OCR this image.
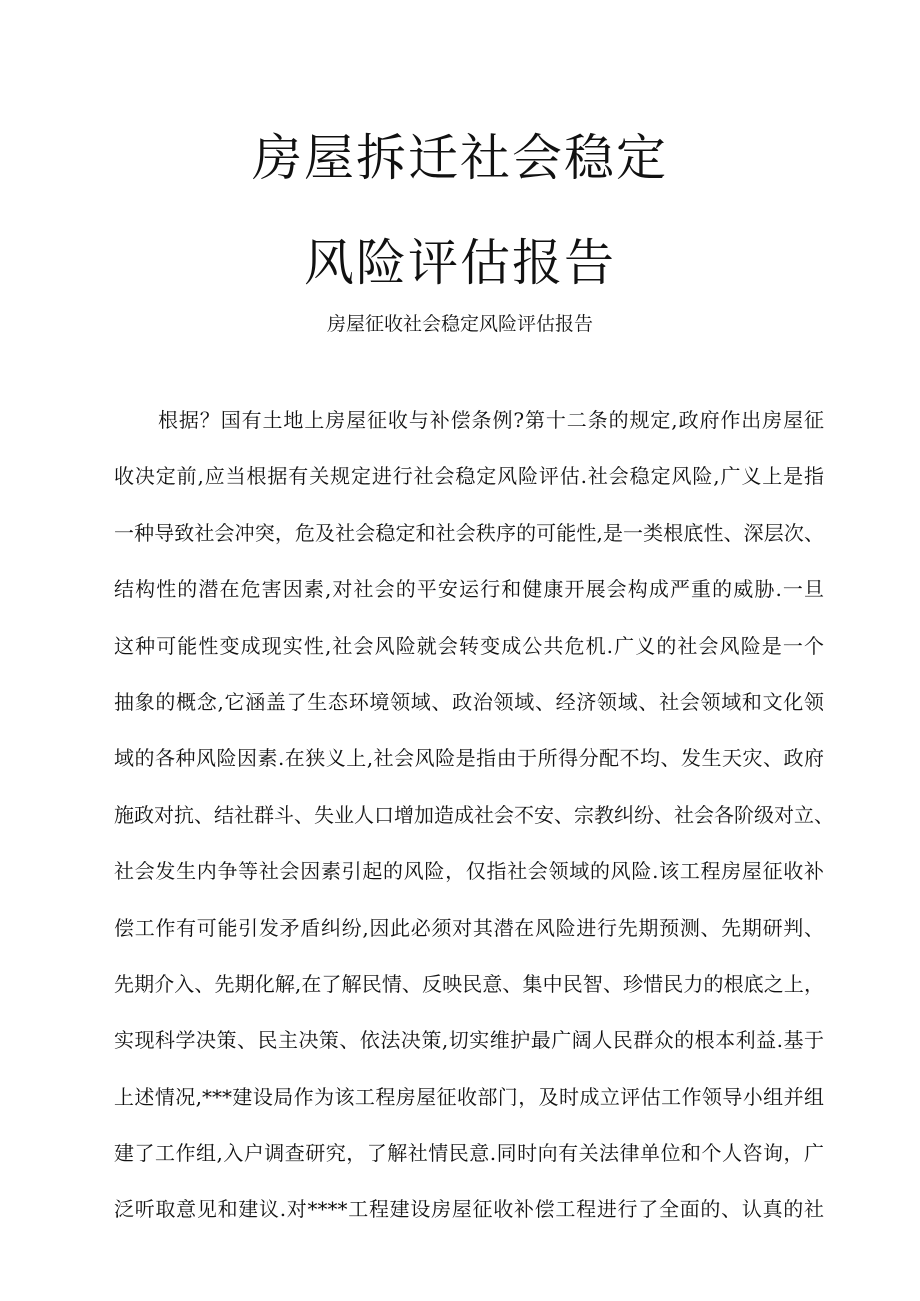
房屋拆迁社会稳定
风险评估报告

房屋征收社会稳定风险评估报告

根据？国有土地上房屋征收与补偿条例?第十二条的规定,政府作出房屋征

收决定前,应当根据有关规定进行社会稳定风险评估.社会稳定风险,广义上是指

一种导致社会冲突，危及社会稳定和社会秩序的可能性,是一类根底性、深层次、

结构性的潜在危害因素,对社会的平安运行和健康开展会构成严重的威胁.一旦

这种可能性变成现实性,社会风险就会转变成公共危机.广义的社会风险是一个

抽象的概念,它涵盖了生态环境领域、政治领域、经济领域、社会领域和文化领

域的各种风险因素.在狭义上,社会风险是指由于所得分配不均、发生天灾、政府

施政对抗、结社群斗、失业人口增加造成社会不安、宗教纠纷、社会各阶级对立、

社会发生内争等社会因素引起的风险，仅指社会领域的风险.该工程房屋征收补

偿工作有可能引发矛盾纠纷,因此必须对其潜在风险进行先期预测、先期研判、

先期介入、先期化解,在了解民情、反映民意、集中民智、珍惜民力的根底之上，

实现科学决策、民主决策、依法决策,切实维护最广阔人民群众的根本利益.基于

上述情况,***建设局作为该工程房屋征收部门，及时成立评估工作领导小组并组

建了工作组,入户调查研究，了解社情民意.同时向有关法律单位和个人咨询，广

泛听取意见和建议.对****工程建设房屋征收补偿工程进行了全面的、认真的社
